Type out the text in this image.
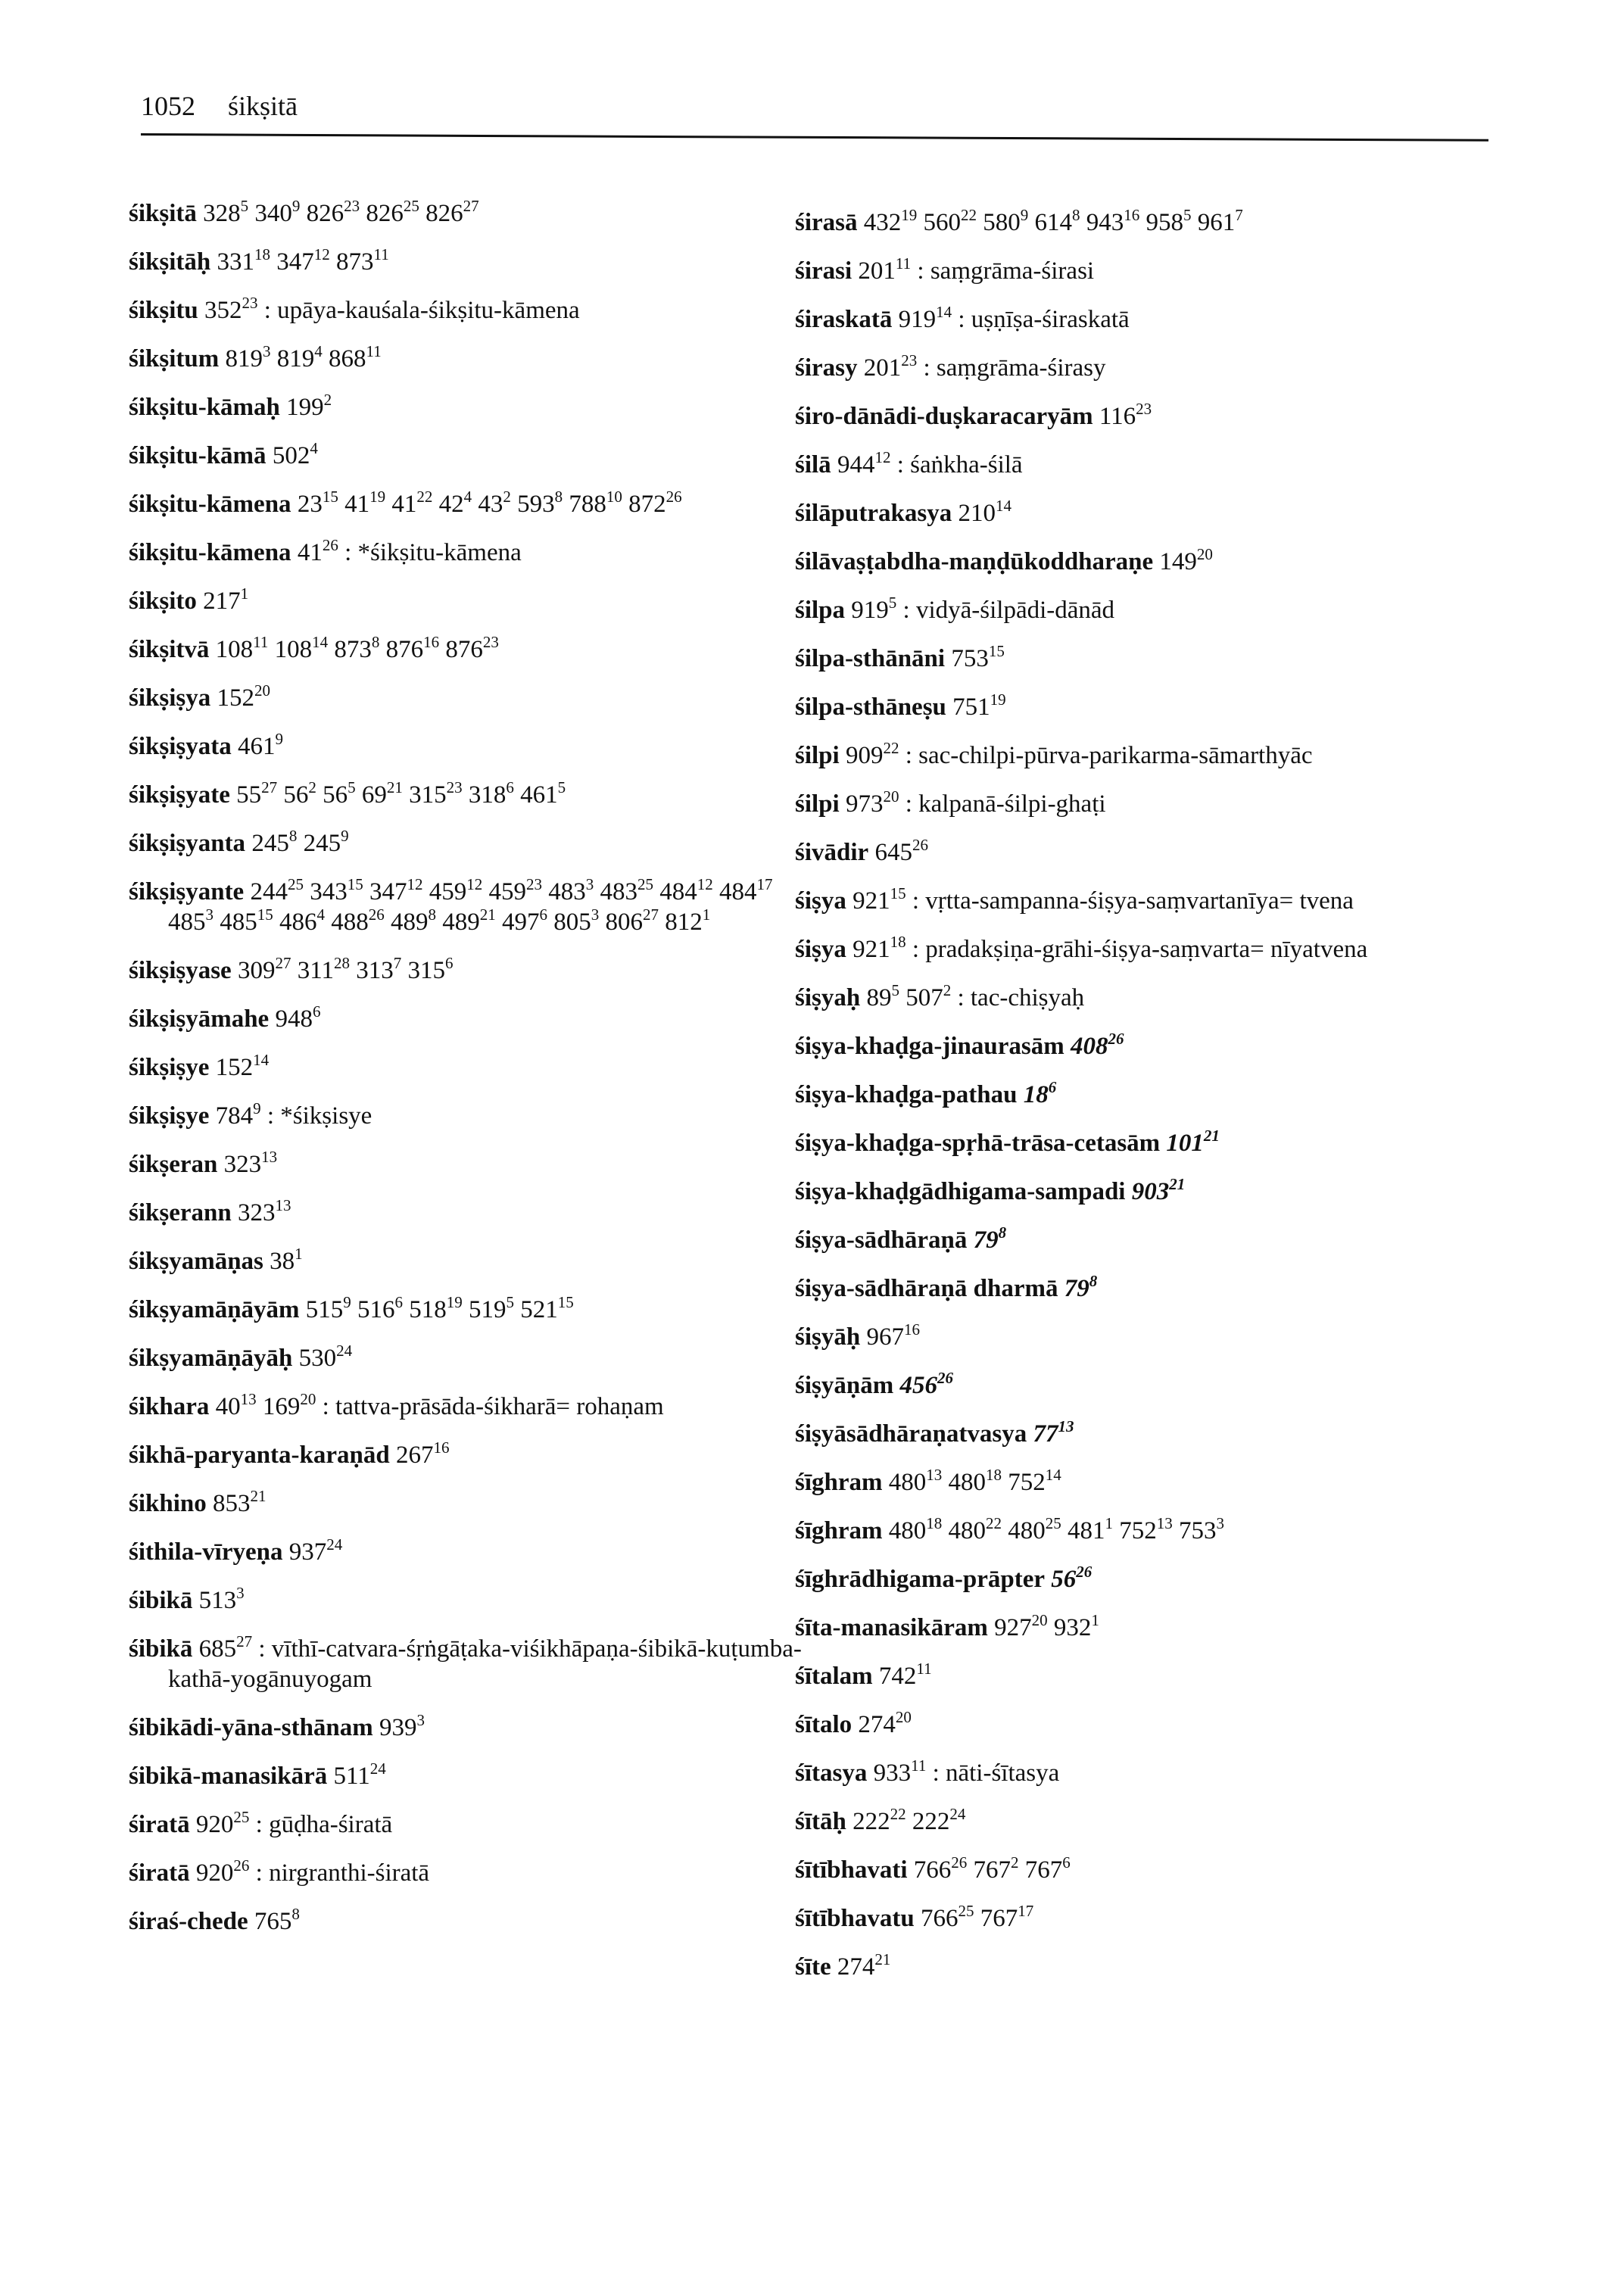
1052 śikṣitā
śikṣitā $328^5$ $340^9$ $826^{23}$ $826^{25}$ $826^{27}$
śikṣitāḥ $331^{18}$ $347^{12}$ $873^{11}$
śikṣitu $352^{23}$ : upāya-kauśala-śikṣitu-kāmena
śikṣitum $819^3$ $819^4$ $868^{11}$
śikṣitu-kāmaḥ $199^2$
śikṣitu-kāmā $502^4$
śikṣitu-kāmena $23^{15}$ $41^{19}$ $41^{22}$ $42^4$ $43^2$ $593^8$ $788^{10}$ $872^{26}$
śikṣitu-kāmena $41^{26}$ : *śikṣitu-kāmena
śikṣito $217^1$
śikṣitvā $108^{11}$ $108^{14}$ $873^8$ $876^{16}$ $876^{23}$
śikṣiṣya $152^{20}$
śikṣiṣyata $461^9$
śikṣiṣyate $55^{27}$ $56^2$ $56^5$ $69^{21}$ $315^{23}$ $318^6$ $461^5$
śikṣiṣyanta $245^8$ $245^9$
śikṣiṣyante $244^{25}$ $343^{15}$ $347^{12}$ $459^{12}$ $459^{23}$ $483^3$ $483^{25}$ $484^{12}$ $484^{17}$ $485^3$ $485^{15}$ $486^4$ $488^{26}$ $489^8$ $489^{21}$ $497^6$ $805^3$ $806^{27}$ $812^1$
śikṣiṣyase $309^{27}$ $311^{28}$ $313^7$ $315^6$
śikṣiṣyāmahe $948^6$
śikṣiṣye $152^{14}$
śikṣiṣye $784^9$ : *śikṣisye
śikṣeran $323^{13}$
śikṣerann $323^{13}$
śikṣyamāṇas $38^1$
śikṣyamāṇāyām $515^9$ $516^6$ $518^{19}$ $519^5$ $521^{15}$
śikṣyamāṇāyāḥ $530^{24}$
śikhara $40^{13}$ $169^{20}$ : tattva-prāsāda-śikharā= rohaṇam
śikhā-paryanta-karaṇād $267^{16}$
śikhino $853^{21}$
śithila-vīryeṇa $937^{24}$
śibikā $513^3$
śibikā $685^{27}$ : vīthī-catvara-śṛṅgāṭaka-viśikhāpaṇa-śibikā-kuṭumba-kathā-yogānuyogam
śibikādi-yāna-sthānam $939^3$
śibikā-manasikārā $511^{24}$
śiratā $920^{25}$ : gūḍha-śiratā
śiratā $920^{26}$ : nirgranthi-śiratā
śiraś-chede $765^8$
śirasā $432^{19}$ $560^{22}$ $580^9$ $614^8$ $943^{16}$ $958^5$ $961^7$
śirasi $201^{11}$ : saṃgrāma-śirasi
śiraskatā $919^{14}$ : uṣṇīṣa-śiraskatā
śirasy $201^{23}$ : saṃgrāma-śirasy
śiro-dānādi-duṣkaracaryām $116^{23}$
śilā $944^{12}$ : śaṅkha-śilā
śilāputrakasya $210^{14}$
śilāvaṣṭabdha-maṇḍūkoddharaṇe $149^{20}$
śilpa $919^5$ : vidyā-śilpādi-dānād
śilpa-sthānāni $753^{15}$
śilpa-sthāneṣu $751^{19}$
śilpi $909^{22}$ : sac-chilpi-pūrva-parikarma-sāmarthyāc
śilpi $973^{20}$ : kalpanā-śilpi-ghaṭi
śivādir $645^{26}$
śiṣya $921^{15}$ : vṛtta-sampanna-śiṣya-saṃvartanīya= tvena
śiṣya $921^{18}$ : pradakṣiṇa-grāhi-śiṣya-saṃvarta= nīyatvena
śiṣyaḥ $89^5$ $507^2$ : tac-chiṣyaḥ
śiṣya-khaḍga-jinaurasām $408^{26}$
śiṣya-khaḍga-pathau $18^6$
śiṣya-khaḍga-spṛhā-trāsa-cetasām $101^{21}$
śiṣya-khaḍgādhigama-sampadi $903^{21}$
śiṣya-sādhāraṇā $79^8$
śiṣya-sādhāraṇā dharmā $79^8$
śiṣyāḥ $967^{16}$
śiṣyāṇām $456^{26}$
śiṣyāsādhāraṇatvasya $77^{13}$
śīghram $480^{13}$ $480^{18}$ $752^{14}$
śīghram $480^{18}$ $480^{22}$ $480^{25}$ $481^1$ $752^{13}$ $753^3$
śīghrādhigama-prāpter $56^{26}$
śīta-manasikāram $927^{20}$ $932^1$
śītalam $742^{11}$
śītalo $274^{20}$
śītasya $933^{11}$ : nāti-śītasya
śītāḥ $222^{22}$ $222^{24}$
śītībhavati $766^{26}$ $767^2$ $767^6$
śītībhavatu $766^{25}$ $767^{17}$
śīte $274^{21}$
